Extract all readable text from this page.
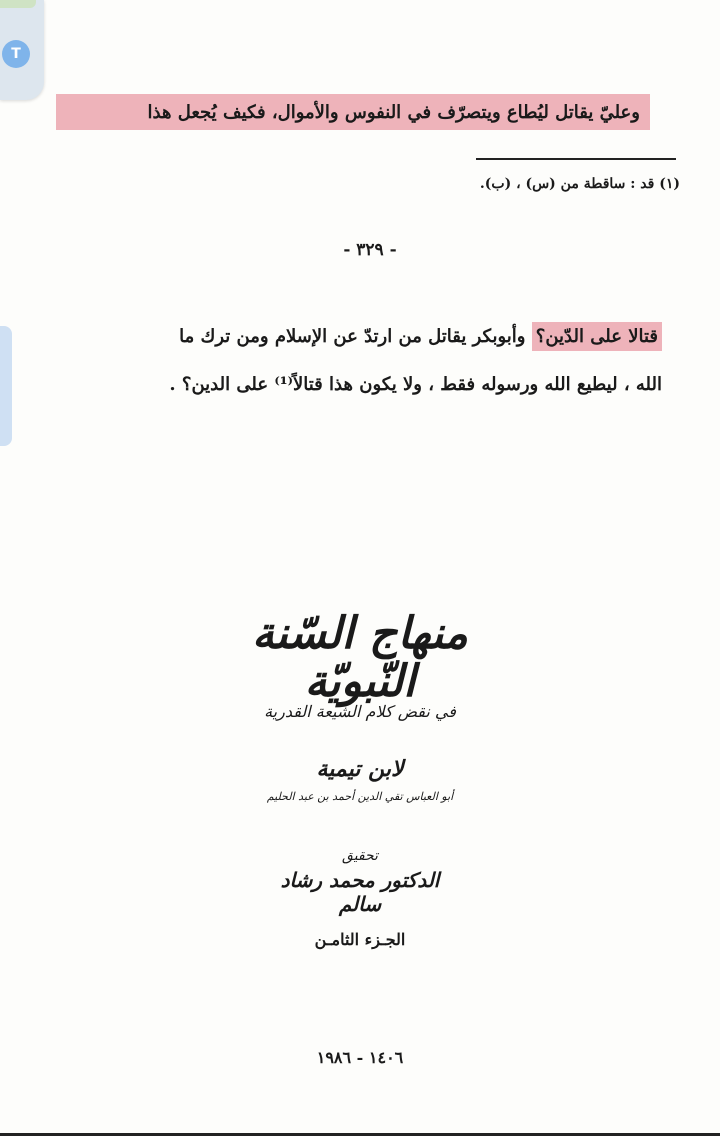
T
وعليّ يقاتل ليُطاع ويتصرّف في النفوس والأموال، فكيف يُجعل هذا
(١) قد : ساقطة من (س) ، (ب).
- ٣٢٩ -
قتالا على الدّين؟ وأبوبكر يقاتل من ارتدّ عن الإسلام ومن ترك ما
الله ، ليطيع الله ورسوله فقط ، ولا يكون هذا قتالاً⁽¹⁾ على الدين؟ .
منهاج السّنة النّبويّة
في نقض كلام الشيعة القدرية
لابن تيمية
أبو العباس تقي الدين أحمد بن عبد الحليم
تحقيق
الدكتور محمد رشاد سالم
الجـزء الثامـن
١٤٠٦ - ١٩٨٦
